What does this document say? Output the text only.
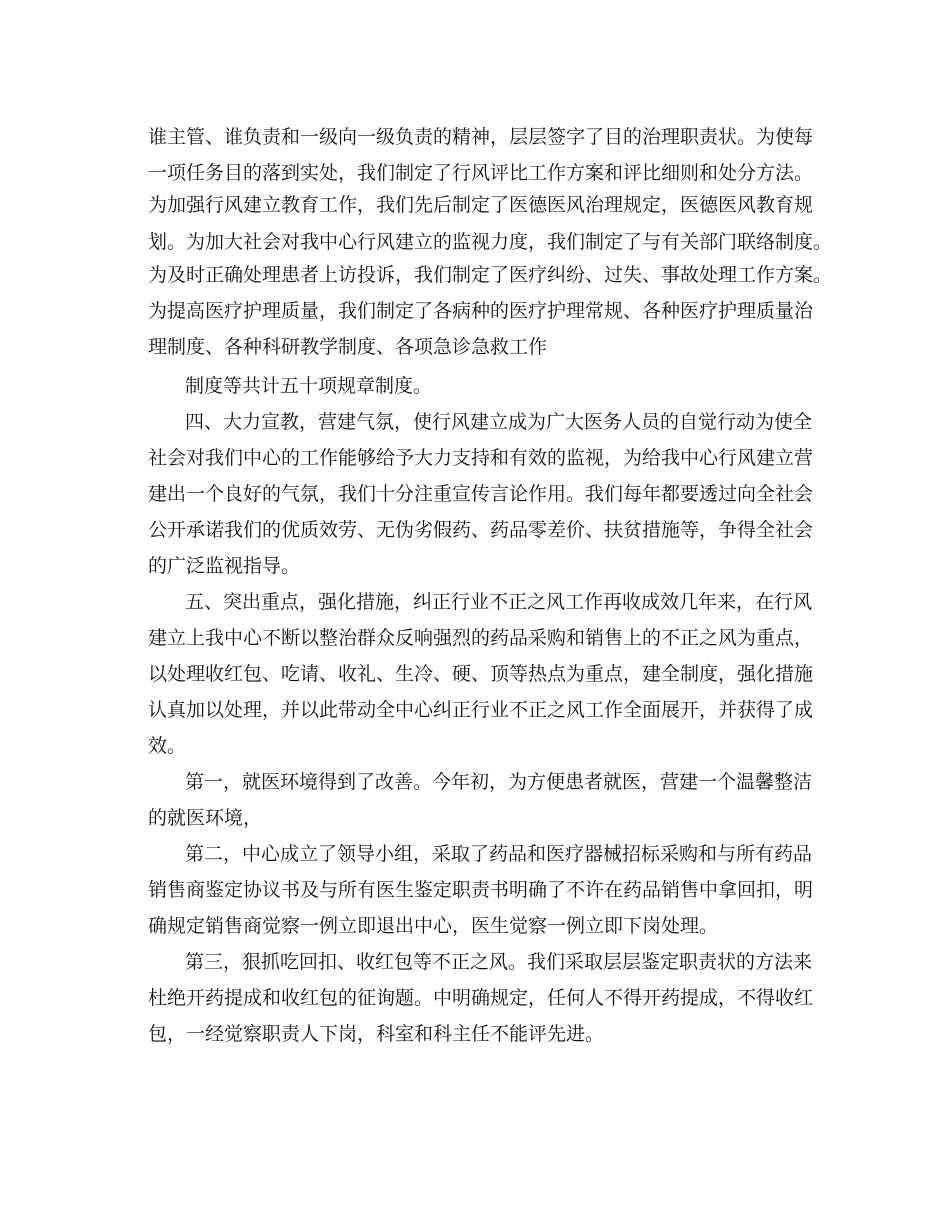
谁主管、谁负责和一级向一级负责的精神，层层签字了目的治理职责状。为使每
一项任务目的落到实处，我们制定了行风评比工作方案和评比细则和处分方法。
为加强行风建立教育工作，我们先后制定了医德医风治理规定，医德医风教育规
划。为加大社会对我中心行风建立的监视力度，我们制定了与有关部门联络制度。
为及时正确处理患者上访投诉，我们制定了医疗纠纷、过失、事故处理工作方案。
为提高医疗护理质量，我们制定了各病种的医疗护理常规、各种医疗护理质量治
理制度、各种科研教学制度、各项急诊急救工作
制度等共计五十项规章制度。
四、大力宣教，营建气氛，使行风建立成为广大医务人员的自觉行动为使全
社会对我们中心的工作能够给予大力支持和有效的监视，为给我中心行风建立营
建出一个良好的气氛，我们十分注重宣传言论作用。我们每年都要透过向全社会
公开承诺我们的优质效劳、无伪劣假药、药品零差价、扶贫措施等，争得全社会
的广泛监视指导。
五、突出重点，强化措施，纠正行业不正之风工作再收成效几年来，在行风
建立上我中心不断以整治群众反响强烈的药品采购和销售上的不正之风为重点，
以处理收红包、吃请、收礼、生冷、硬、顶等热点为重点，建全制度，强化措施
认真加以处理，并以此带动全中心纠正行业不正之风工作全面展开，并获得了成
效。
第一，就医环境得到了改善。今年初，为方便患者就医，营建一个温馨整洁
的就医环境，
第二，中心成立了领导小组，采取了药品和医疗器械招标采购和与所有药品
销售商鉴定协议书及与所有医生鉴定职责书明确了不许在药品销售中拿回扣，明
确规定销售商觉察一例立即退出中心，医生觉察一例立即下岗处理。
第三，狠抓吃回扣、收红包等不正之风。我们采取层层鉴定职责状的方法来
杜绝开药提成和收红包的征询题。中明确规定，任何人不得开药提成，不得收红
包，一经觉察职责人下岗，科室和科主任不能评先进。
